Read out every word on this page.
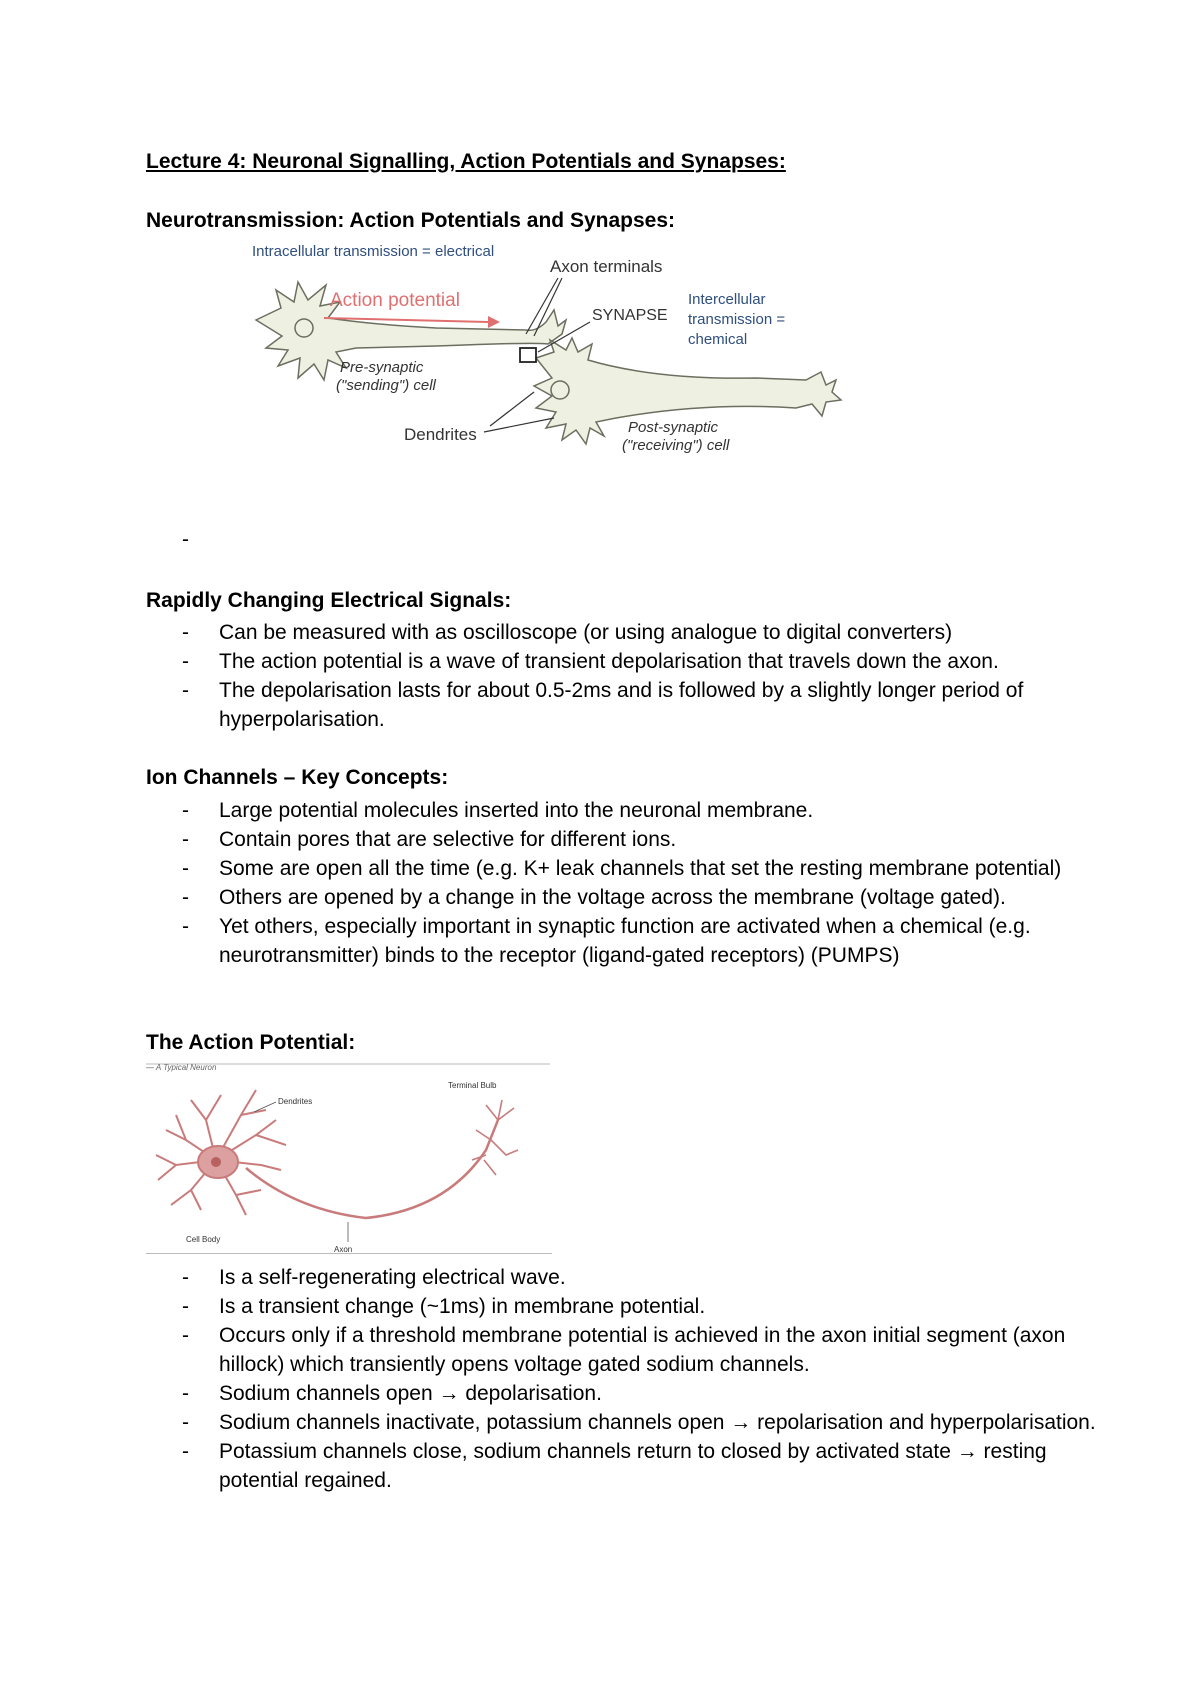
Lecture 4: Neuronal Signalling, Action Potentials and Synapses:
Neurotransmission: Action Potentials and Synapses:
Intracellular transmission = electrical
Action potential
Axon terminals
SYNAPSE
Intercellular
transmission =
chemical
Pre-synaptic
("sending") cell
Dendrites	Post-synaptic
("receiving") cell
-
Rapidly Changing Electrical Signals:
- Can be measured with as oscilloscope (or using analogue to digital converters)
- The action potential is a wave of transient depolarisation that travels down the axon.
- The depolarisation lasts for about 0.5-2ms and is followed by a slightly longer period of hyperpolarisation.
Ion Channels – Key Concepts:
- Large potential molecules inserted into the neuronal membrane.
- Contain pores that are selective for different ions.
- Some are open all the time (e.g. K+ leak channels that set the resting membrane potential)
- Others are opened by a change in the voltage across the membrane (voltage gated).
- Yet others, especially important in synaptic function are activated when a chemical (e.g. neurotransmitter) binds to the receptor (ligand-gated receptors) (PUMPS)
The Action Potential:
— A Typical Neuron
Dendrites
Terminal Bulb
Cell Body
Axon
- Is a self-regenerating electrical wave.
- Is a transient change (~1ms) in membrane potential.
- Occurs only if a threshold membrane potential is achieved in the axon initial segment (axon hillock) which transiently opens voltage gated sodium channels.
- Sodium channels open → depolarisation.
- Sodium channels inactivate, potassium channels open → repolarisation and hyperpolarisation.
- Potassium channels close, sodium channels return to closed by activated state → resting potential regained.
